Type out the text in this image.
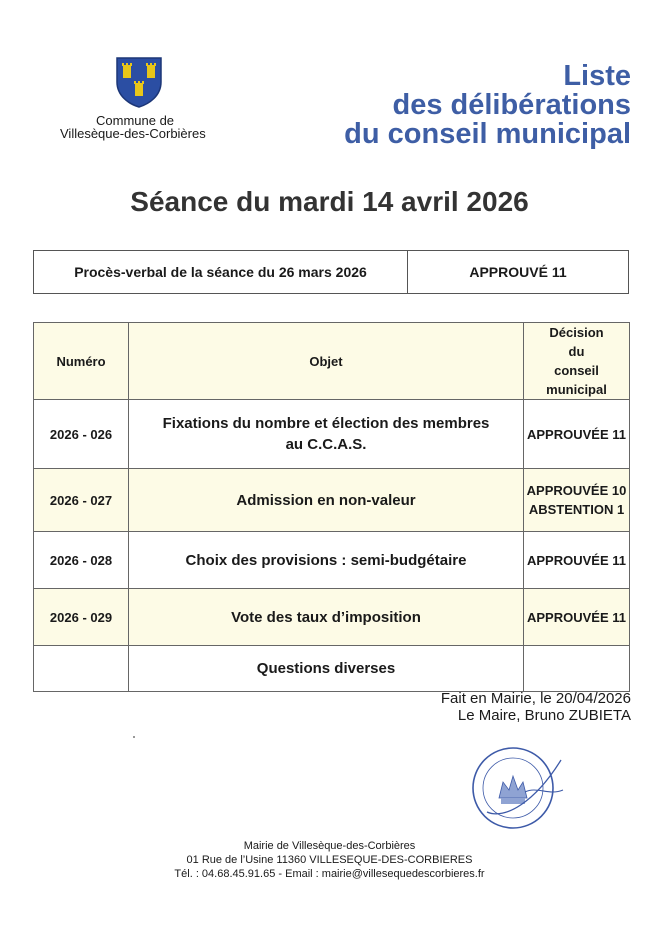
Commune de
Villesèque-des-Corbières
Liste
des délibérations
du conseil municipal
Séance du mardi 14 avril 2026
Procès-verbal de la séance du 26 mars 2026	APPROUVÉ 11
Numéro	Objet	Décision du conseil municipal
2026 - 026	Fixations du nombre et élection des membres au C.C.A.S.	APPROUVÉE 11

2026 - 027	Admission en non-valeur	APPROUVÉE 10
ABSTENTION 1

2026 - 028	Choix des provisions : semi-budgétaire	APPROUVÉE 11

2026 - 029	Vote des taux d’imposition	APPROUVÉE 11

	Questions diverses	
Fait en Mairie, le 20/04/2026
Le Maire, Bruno ZUBIETA
Mairie de Villesèque-des-Corbières
01 Rue de l’Usine 11360 VILLESEQUE-DES-CORBIERES
Tél. : 04.68.45.91.65 - Email : mairie@villesequedescorbieres.fr
